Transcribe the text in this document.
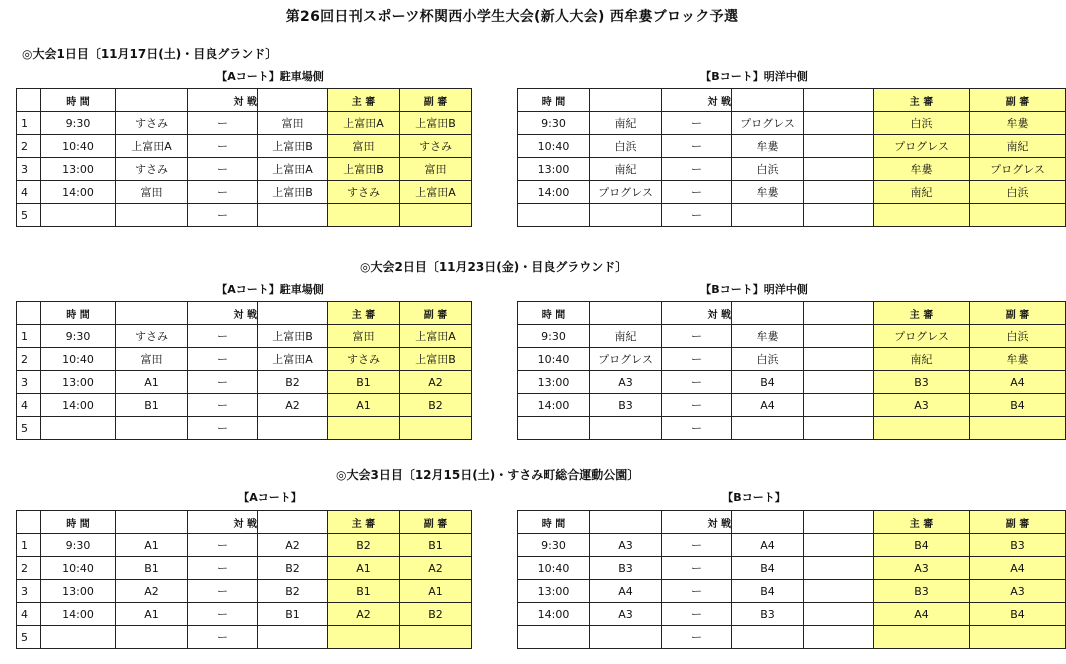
第26回日刊スポーツ杯関西小学生大会(新人大会) 西牟婁ブロック予選
◎大会1日目〔11月17日(土)・目良グランド〕
【Aコート】駐車場側	【Bコート】明洋中側
	時 間		対 戦		主 審	副 審
1	9:30	すさみ	ー	富田	上富田A	上富田B
2	10:40	上富田A	ー	上富田B	富田	すさみ
3	13:00	すさみ	ー	上富田A	上富田B	富田
4	14:00	富田	ー	上富田B	すさみ	上富田A
5			ー			
時 間		対 戦			主 審	副 審
9:30	南紀	ー	プログレス		白浜	牟婁
10:40	白浜	ー	牟婁		プログレス	南紀
13:00	南紀	ー	白浜		牟婁	プログレス
14:00	プログレス	ー	牟婁		南紀	白浜
		ー				
◎大会2日目〔11月23日(金)・目良グラウンド〕
【Aコート】駐車場側	【Bコート】明洋中側
	時 間		対 戦		主 審	副 審
1	9:30	すさみ	ー	上富田B	富田	上富田A
2	10:40	富田	ー	上富田A	すさみ	上富田B
3	13:00	A1	ー	B2	B1	A2
4	14:00	B1	ー	A2	A1	B2
5			ー			
時 間		対 戦			主 審	副 審
9:30	南紀	ー	牟婁		プログレス	白浜
10:40	プログレス	ー	白浜		南紀	牟婁
13:00	A3	ー	B4		B3	A4
14:00	B3	ー	A4		A3	B4
		ー				
◎大会3日目〔12月15日(土)・すさみ町総合運動公園〕
【Aコート】	【Bコート】
	時 間		対 戦		主 審	副 審
1	9:30	A1	ー	A2	B2	B1
2	10:40	B1	ー	B2	A1	A2
3	13:00	A2	ー	B2	B1	A1
4	14:00	A1	ー	B1	A2	B2
5			ー			
時 間		対 戦			主 審	副 審
9:30	A3	ー	A4		B4	B3
10:40	B3	ー	B4		A3	A4
13:00	A4	ー	B4		B3	A3
14:00	A3	ー	B3		A4	B4
		ー				
